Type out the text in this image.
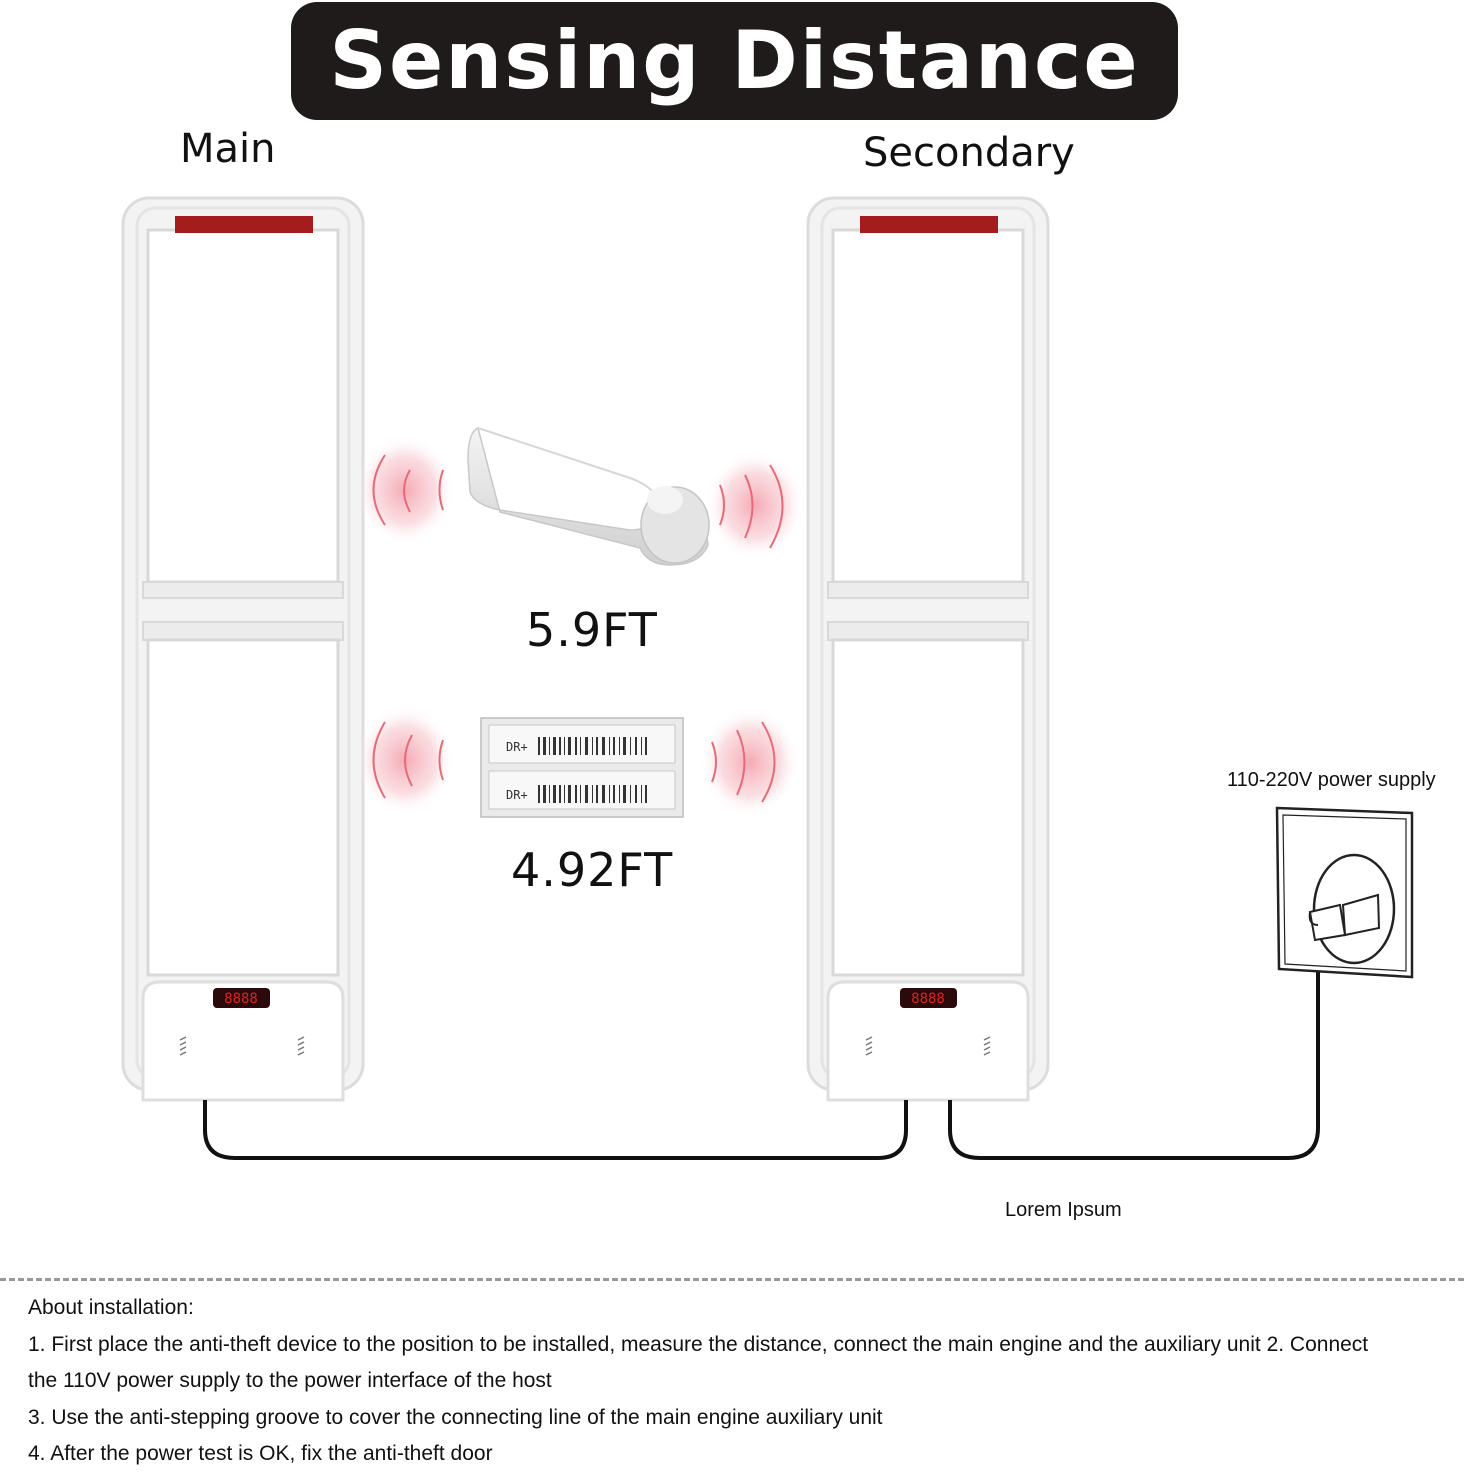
Sensing Distance
Main	Secondary
8888	8888
DR+
DR+
5.9FT
4.92FT
110-220V power supply
Lorem Ipsum
About installation:
1. First place the anti-theft device to the position to be installed, measure the distance, connect the main engine and the auxiliary unit 2. Connect
the 110V power supply to the power interface of the host
3. Use the anti-stepping groove to cover the connecting line of the main engine auxiliary unit
4. After the power test is OK, fix the anti-theft door
